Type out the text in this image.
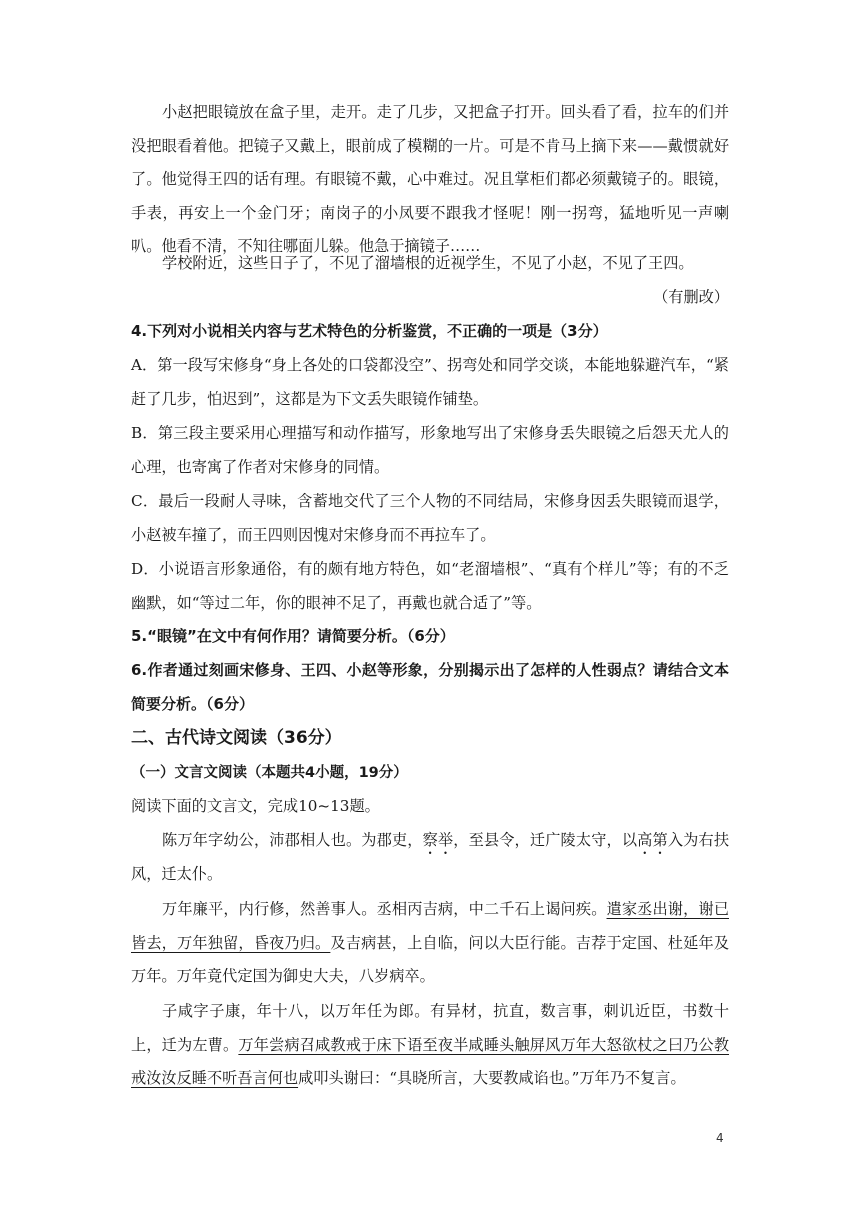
小赵把眼镜放在盒子里，走开。走了几步，又把盒子打开。回头看了看，拉车的们并没把眼看着他。把镜子又戴上，眼前成了模糊的一片。可是不肯马上摘下来——戴惯就好了。他觉得王四的话有理。有眼镜不戴，心中难过。况且掌柜们都必须戴镜子的。眼镜，手表，再安上一个金门牙；南岗子的小凤要不跟我才怪呢！刚一拐弯，猛地听见一声喇叭。他看不清，不知往哪面儿躲。他急于摘镜子……

学校附近，这些日子了，不见了溜墙根的近视学生，不见了小赵，不见了王四。

（有删改）

4.下列对小说相关内容与艺术特色的分析鉴赏，不正确的一项是（3分）

A．第一段写宋修身“身上各处的口袋都没空”、拐弯处和同学交谈，本能地躲避汽车，“紧赶了几步，怕迟到”，这都是为下文丢失眼镜作铺垫。

B．第三段主要采用心理描写和动作描写，形象地写出了宋修身丢失眼镜之后怨天尤人的心理，也寄寓了作者对宋修身的同情。

C．最后一段耐人寻味，含蓄地交代了三个人物的不同结局，宋修身因丢失眼镜而退学，小赵被车撞了，而王四则因愧对宋修身而不再拉车了。

D．小说语言形象通俗，有的颇有地方特色，如“老溜墙根”、“真有个样儿”等；有的不乏幽默，如“等过二年，你的眼神不足了，再戴也就合适了”等。

5.“眼镜”在文中有何作用？请简要分析。（6分）

6.作者通过刻画宋修身、王四、小赵等形象，分别揭示出了怎样的人性弱点？请结合文本简要分析。（6分）

二、古代诗文阅读（36分）

（一）文言文阅读（本题共4小题，19分）

阅读下面的文言文，完成10~13题。

陈万年字幼公，沛郡相人也。为郡吏，察举，至县令，迁广陵太守，以高第入为右扶风，迁太仆。

万年廉平，内行修，然善事人。丞相丙吉病，中二千石上谒问疾。遣家丞出谢，谢已皆去，万年独留，昏夜乃归。及吉病甚，上自临，问以大臣行能。吉荐于定国、杜延年及万年。万年竟代定国为御史大夫，八岁病卒。

子咸字子康，年十八，以万年任为郎。有异材，抗直，数言事，刺讥近臣，书数十上，迁为左曹。万年尝病召咸教戒于床下语至夜半咸睡头触屏风万年大怒欲杖之曰乃公教戒汝汝反睡不听吾言何也咸叩头谢曰：“具晓所言，大要教咸谄也。”万年乃不复言。

4
